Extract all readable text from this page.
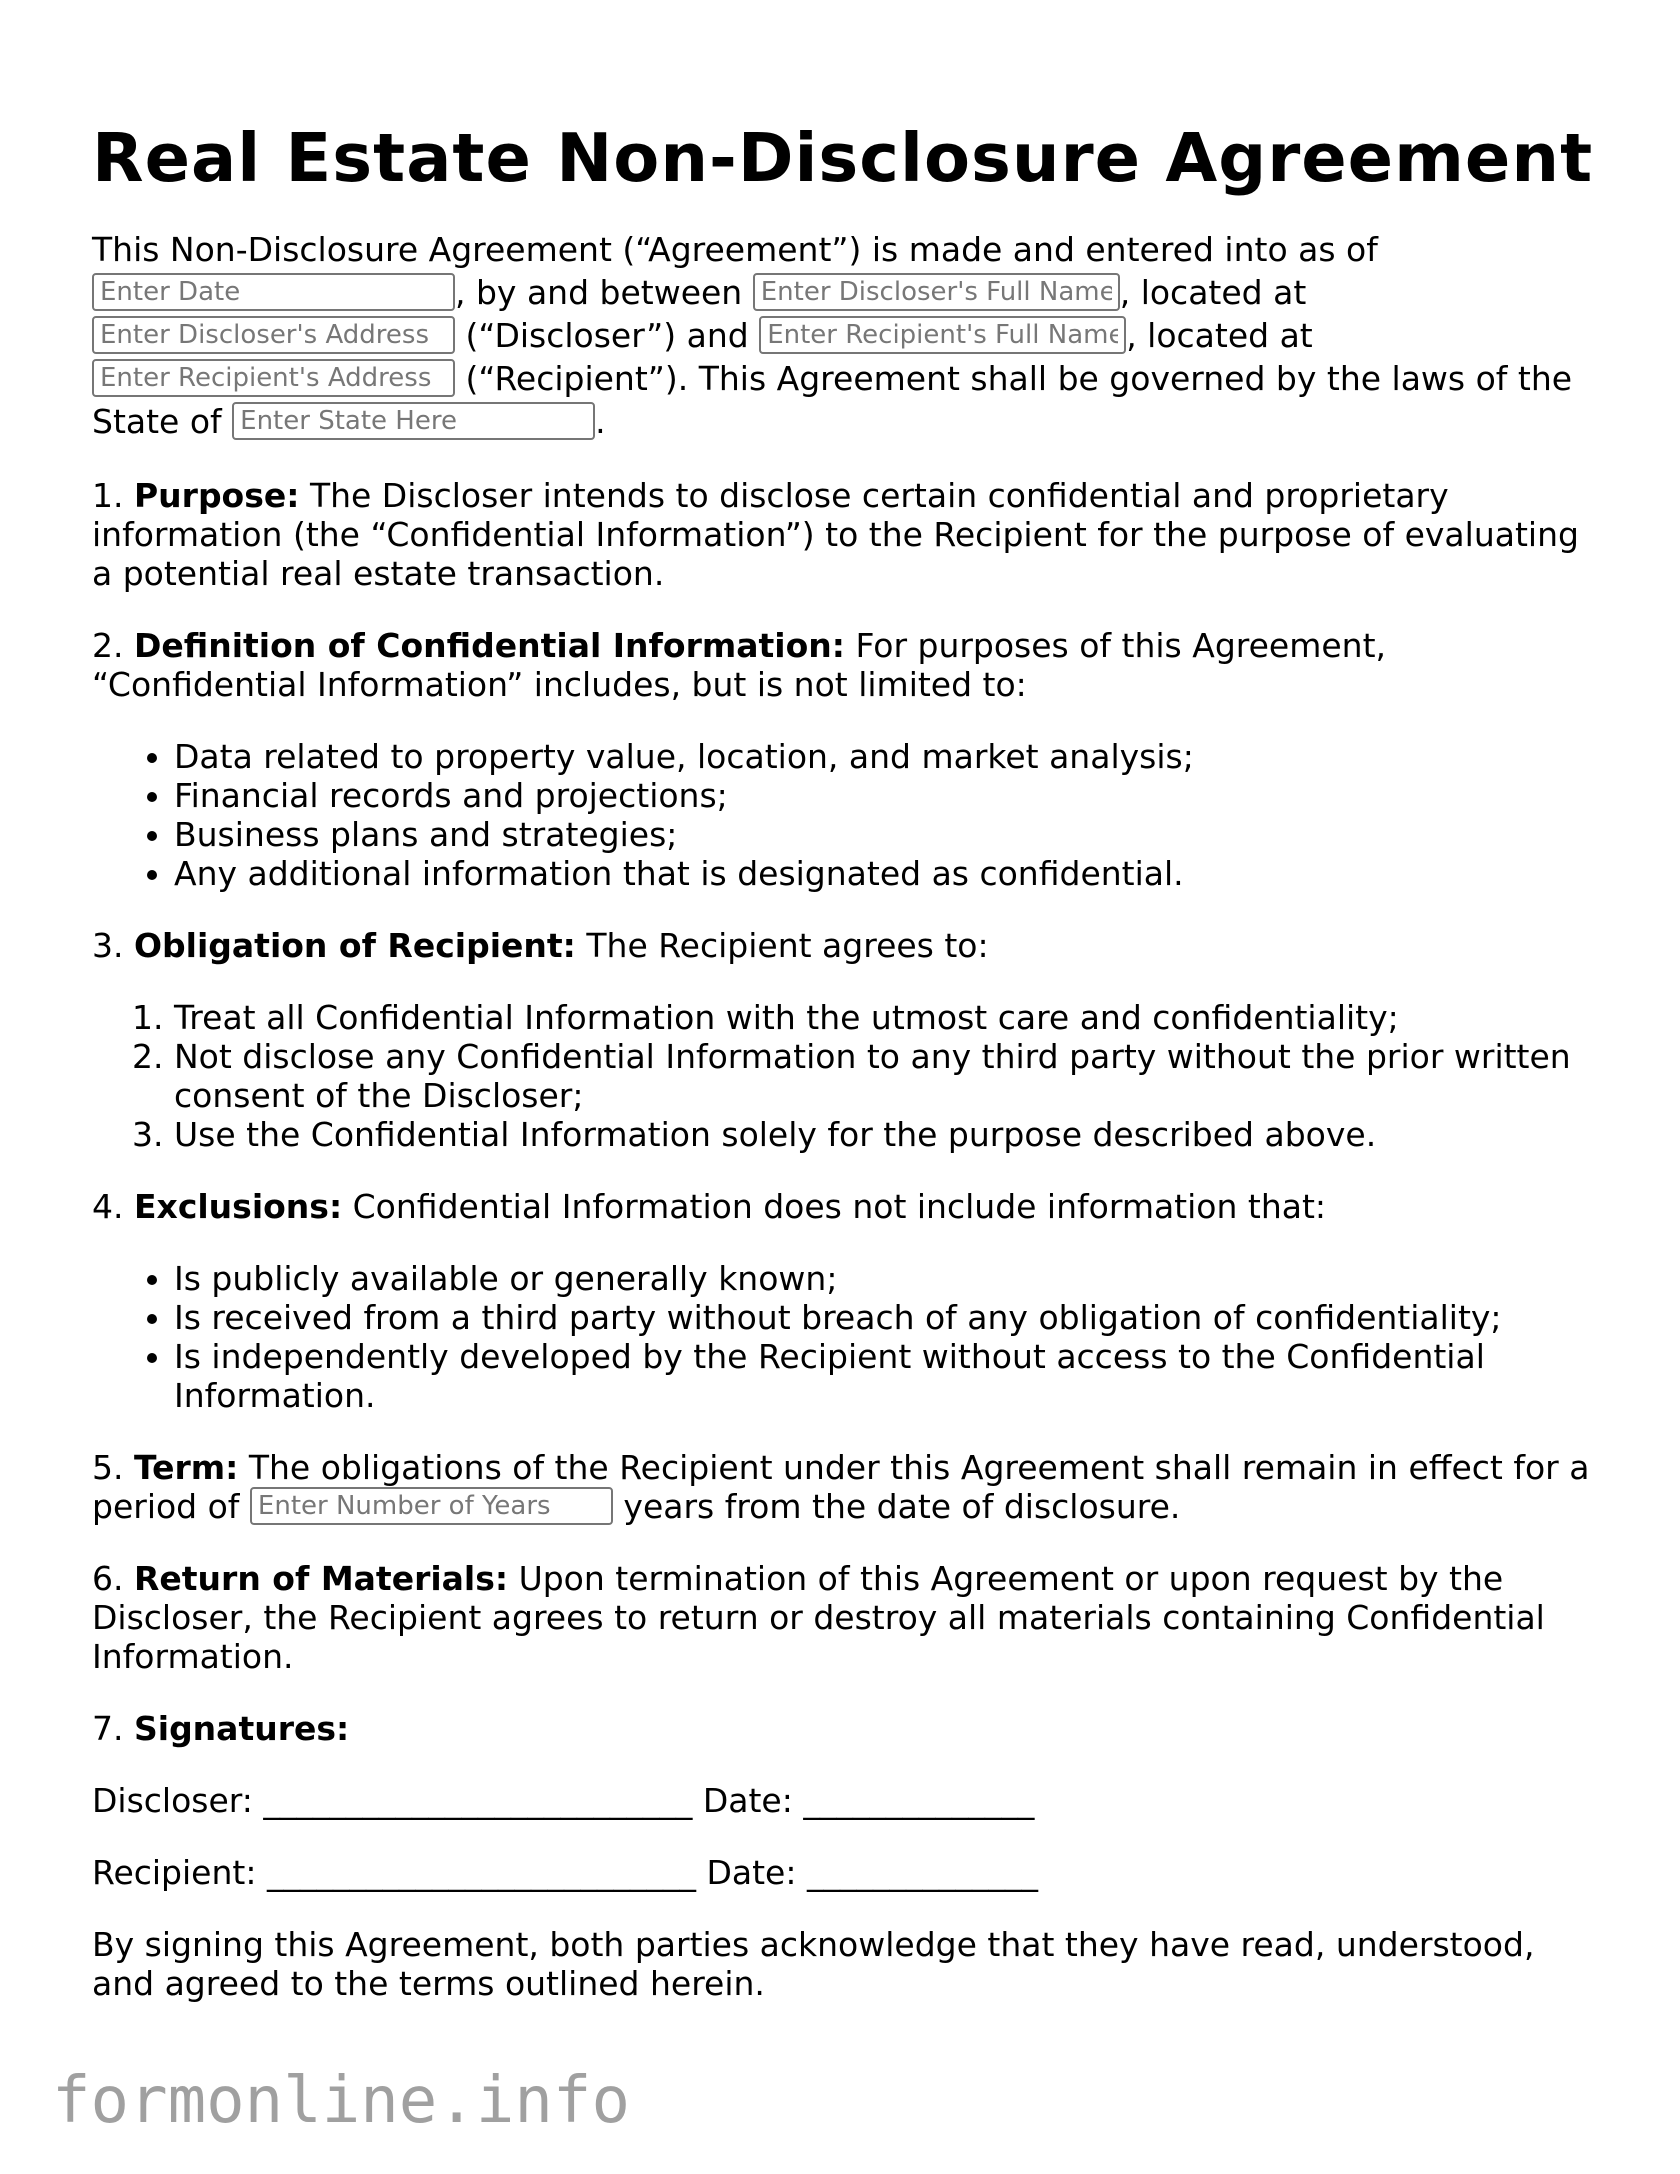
Real Estate Non-Disclosure Agreement

This Non-Disclosure Agreement (“Agreement”) is made and entered into as of Enter Date, by and between Enter Discloser's Full Name	, located at Enter Discloser's Address (“Discloser”) and Enter Recipient's Full Name	, located at Enter Recipient's Address (“Recipient”). This Agreement shall be governed by the laws of the State of Enter State Here	.

1. Purpose: The Discloser intends to disclose certain confidential and proprietary information (the “Confidential Information”) to the Recipient for the purpose of evaluating a potential real estate transaction.

2. Definition of Confidential Information: For purposes of this Agreement, “Confidential Information” includes, but is not limited to:

• Data related to property value, location, and market analysis;
• Financial records and projections;
• Business plans and strategies;
• Any additional information that is designated as confidential.

3. Obligation of Recipient: The Recipient agrees to:

1. Treat all Confidential Information with the utmost care and confidentiality;
2. Not disclose any Confidential Information to any third party without the prior written consent of the Discloser;
3. Use the Confidential Information solely for the purpose described above.

4. Exclusions: Confidential Information does not include information that:

• Is publicly available or generally known;
• Is received from a third party without breach of any obligation of confidentiality;
• Is independently developed by the Recipient without access to the Confidential Information.

5. Term: The obligations of the Recipient under this Agreement shall remain in effect for a period of Enter Number of Years	years from the date of disclosure.

6. Return of Materials: Upon termination of this Agreement or upon request by the Discloser, the Recipient agrees to return or destroy all materials containing Confidential Information.

7. Signatures:

Discloser: __________________________ Date: ______________

Recipient: __________________________ Date: ______________

By signing this Agreement, both parties acknowledge that they have read, understood, and agreed to the terms outlined herein.

formonline.info
